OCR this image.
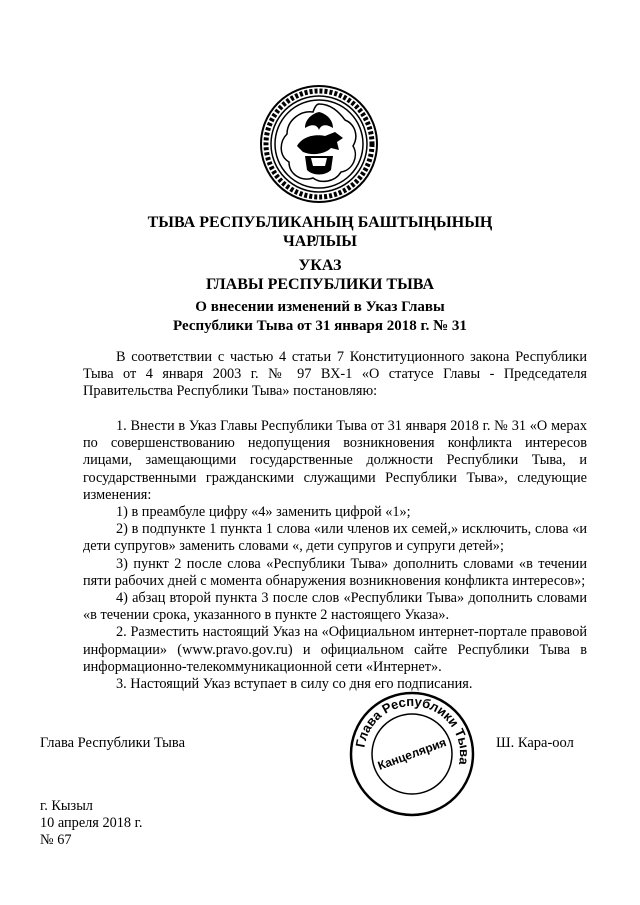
ТЫВА РЕСПУБЛИКАНЫҢ БАШТЫҢЫНЫҢ
ЧАРЛЫЫ
УКАЗ
ГЛАВЫ РЕСПУБЛИКИ ТЫВА
О внесении изменений в Указ Главы
Республики Тыва от 31 января 2018 г. № 31

В соответствии с частью 4 статьи 7 Конституционного закона Республики Тыва от 4 января 2003 г. № 97 ВХ-1 «О статусе Главы - Председателя Правительства Республики Тыва» постановляю:

1. Внести в Указ Главы Республики Тыва от 31 января 2018 г. № 31 «О мерах по совершенствованию недопущения возникновения конфликта интересов лицами, замещающими государственные должности Республики Тыва, и государственными гражданскими служащими Республики Тыва», следующие изменения:

1) в преамбуле цифру «4» заменить цифрой «1»;

2) в подпункте 1 пункта 1 слова «или членов их семей,» исключить, слова «и дети супругов» заменить словами «, дети супругов и супруги детей»;

3) пункт 2 после слова «Республики Тыва» дополнить словами «в течении пяти рабочих дней с момента обнаружения возникновения конфликта интересов»;

4) абзац второй пункта 3 после слов «Республики Тыва» дополнить словами «в течении срока, указанного в пункте 2 настоящего Указа».

2. Разместить настоящий Указ на «Официальном интернет-портале правовой информации» (www.pravo.gov.ru) и официальном сайте Республики Тыва в информационно-телекоммуникационной сети «Интернет».

3. Настоящий Указ вступает в силу со дня его подписания.

Глава Республики Тыва	Глава Республики Тыва
Канцелярия	Ш. Кара-оол
г. Кызыл
10 апреля 2018 г.
№ 67
